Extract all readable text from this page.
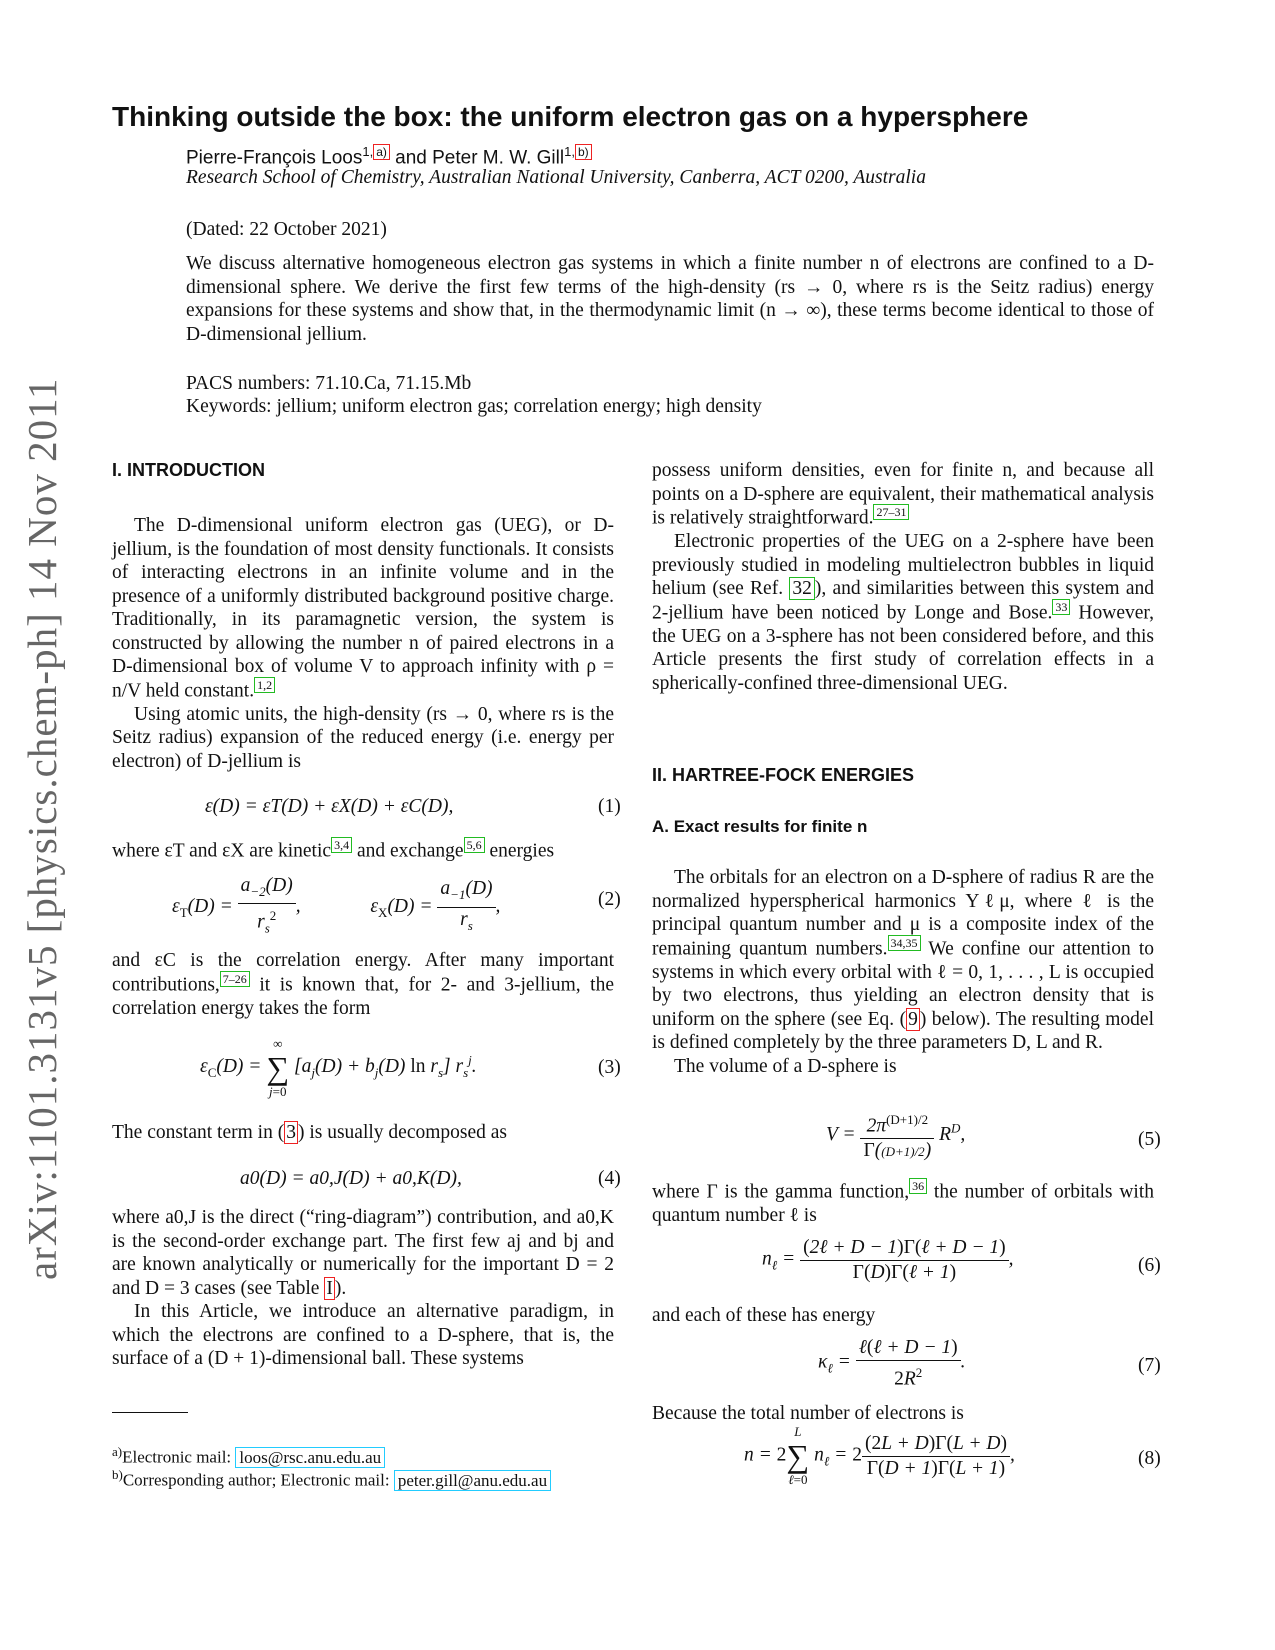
arXiv:1101.3131v5 [physics.chem-ph] 14 Nov 2011
Thinking outside the box: the uniform electron gas on a hypersphere
Pierre-François Loos$^{1,}$ $^{a)}$ and Peter M. W. Gill$^{1,}$ $^{b)}$
Research School of Chemistry, Australian National University, Canberra, ACT 0200, Australia
(Dated: 22 October 2021)
We discuss alternative homogeneous electron gas systems in which a finite number n of electrons are confined to a D-dimensional sphere. We derive the first few terms of the high-density (rs → 0, where rs is the Seitz radius) energy expansions for these systems and show that, in the thermodynamic limit (n → ∞), these terms become identical to those of D-dimensional jellium.
PACS numbers: 71.10.Ca, 71.15.Mb
Keywords: jellium; uniform electron gas; correlation energy; high density
I. INTRODUCTION

The D-dimensional uniform electron gas (UEG), or D-jellium, is the foundation of most density functionals. It consists of interacting electrons in an infinite volume and in the presence of a uniformly distributed background positive charge. Traditionally, in its paramagnetic version, the system is constructed by allowing the number n of paired electrons in a D-dimensional box of volume V to approach infinity with ρ = n/V held constant. $^{1,2}$

Using atomic units, the high-density (rs → 0, where rs is the Seitz radius) expansion of the reduced energy (i.e. energy per electron) of D-jellium is

ε(D) = εT(D) + εX(D) + εC(D),	(1)
where εT and εX are kinetic $^{3,4}$ and exchange $^{5,6}$ energies
$\varepsilon_T(D) = \frac{a_{-2}(D)}{r_s^2}$ ,	$\varepsilon_X(D) = \frac{a_{-1}(D)}{r_s}$ ,	(2)
and εC is the correlation energy. After many important contributions, $^{7-26}$ it is known that, for 2- and 3-jellium, the correlation energy takes the form
$\varepsilon_C(D)$ =
∞
∑
j=0
[$a_j(D) + b_j(D)$ $\ln r_s$] $r_s^j$.	(3)
The constant term in ( 3 ) is usually decomposed as
a0(D) = a0,J(D) + a0,K(D),	(4)

where a0,J is the direct (“ring-diagram”) contribution, and a0,K is the second-order exchange part. The first few aj and bj and are known analytically or numerically for the important D = 2 and D = 3 cases (see Table I ).

In this Article, we introduce an alternative paradigm, in which the electrons are confined to a D-sphere, that is, the surface of a (D + 1)-dimensional ball. These systems

$^{a)}$Electronic mail: loos@rsc.anu.edu.au
$^{b)}$Corresponding author; Electronic mail: peter.gill@anu.edu.au

possess uniform densities, even for finite n, and because all points on a D-sphere are equivalent, their mathematical analysis is relatively straightforward. $^{27-31}$

Electronic properties of the UEG on a 2-sphere have been previously studied in modeling multielectron bubbles in liquid helium (see Ref. 32 ), and similarities between this system and 2-jellium have been noticed by Longe and Bose. $^{33}$ However, the UEG on a 3-sphere has not been considered before, and this Article presents the first study of correlation effects in a spherically-confined three-dimensional UEG.

II. HARTREE-FOCK ENERGIES
A. Exact results for finite n

The orbitals for an electron on a D-sphere of radius R are the normalized hyperspherical harmonics Yℓμ, where ℓ is the principal quantum number and μ is a composite index of the remaining quantum numbers. $^{34,35}$ We confine our attention to systems in which every orbital with ℓ = 0, 1, . . . , L is occupied by two electrons, thus yielding an electron density that is uniform on the sphere (see Eq. ( 9 ) below). The resulting model is defined completely by the three parameters D, L and R.

The volume of a D-sphere is

$V = \frac{2\pi^{(D+1)/2}}{\Gamma((D+1)/2)} R^D$,	(5)
where Γ is the gamma function, $^{36}$ the number of orbitals with quantum number ℓ is
$n_\ell = \frac{\text{(2ℓ + D − 1)Γ(ℓ + D − 1)}}{\text{Γ(D)Γ(ℓ + 1)}}$ ,	(6)
and each of these has energy
$\kappa_\ell = \frac{\text{ℓ(ℓ + D − 1)}}{2R^2}$ .	(7)
Because the total number of electrons is
n = 2
L
∑
ℓ=0
$n_\ell = 2 \frac{(2L + D)\Gamma(L + D)}{\Gamma(D + 1)\Gamma(L + 1)}$ ,	(8)
